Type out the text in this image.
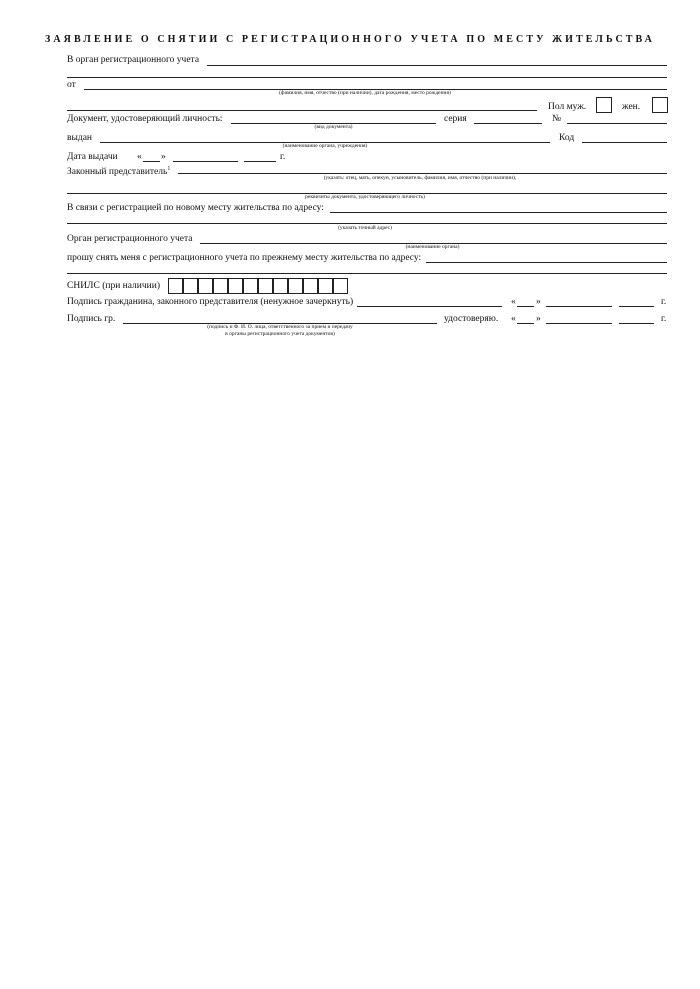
ЗАЯВЛЕНИЕ О СНЯТИИ С РЕГИСТРАЦИОННОГО УЧЕТА ПО МЕСТУ ЖИТЕЛЬСТВА
В орган регистрационного учета
от
(фамилия, имя, отчество (при наличии), дата рождения, место рождения)
Пол муж.	жен.
Документ, удостоверяющий личность:
(вид документа)
серия	№
выдан
(наименование органа, учреждения)
Код
Дата выдачи « »	г.
Законный представитель$^1$
(указать: отец, мать, опекун, усыновитель, фамилия, имя, отчество (при наличии),
реквизиты документа, удостоверяющего личность)
В связи с регистрацией по новому месту жительства по адресу:
(указать точный адрес)
Орган регистрационного учета
(наименование органа)
прошу снять меня с регистрационного учета по прежнему месту жительства по адресу:
СНИЛС (при наличии)
Подпись гражданина, законного представителя (ненужное зачеркнуть)	« »	г.
Подпись гр.
(подпись и Ф. И. О. лица, ответственного за прием и передачу
в органы регистрационного учета документов)
удостоверяю. « »	г.
